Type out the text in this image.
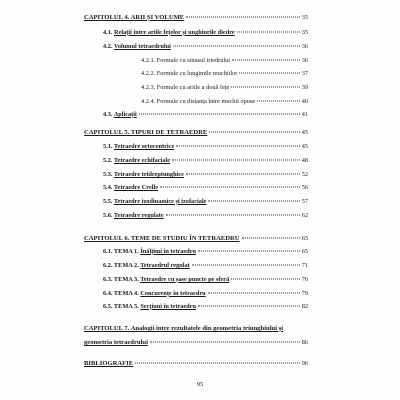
CAPITOLUL 4. ARII ȘI VOLUME	35
4.1. Relații între ariile fețelor și unghiurile diedre	35
4.2. Volumul tetraedrului	36
4.2.1. Formule cu sinusul triedrului	36
4.2.2. Formule cu lungimile muchiilor	37
4.2.3. Formule cu ariile a două fețe	39
4.2.4. Formule cu distanța între muchii opuse	40
4.3. Aplicații	41
CAPITOLUL 5. TIPURI DE TETRAEDRE	45
5.1. Tetraedre ortocentrice	45
5.2. Tetraedre echifaciale	48
5.3. Tetraedre tridreptunghice	52
5.4. Tetraedre Crelle	56
5.5. Tetraedre izodinamice și izofaciale	57
5.6. Tetraedre regulate	62
CAPITOLUL 6. TEME DE STUDIU ÎN TETRAEDRU	65
6.1. TEMA 1. Înălțimi în tetraedru	65
6.2. TEMA 2. Tetraedrul regulat	71
6.3. TEMA 3. Tetraedre cu șase puncte pe sferă	76
6.4. TEMA 4. Concurențe în tetraedru	79
6.5. TEMA 5. Secțiuni în tetraedru	82
CAPITOLUL 7. Analogii între rezultatele din geometria triunghiului și
geometria tetraedrului	86
BIBLIOGRAFIE	96
95
